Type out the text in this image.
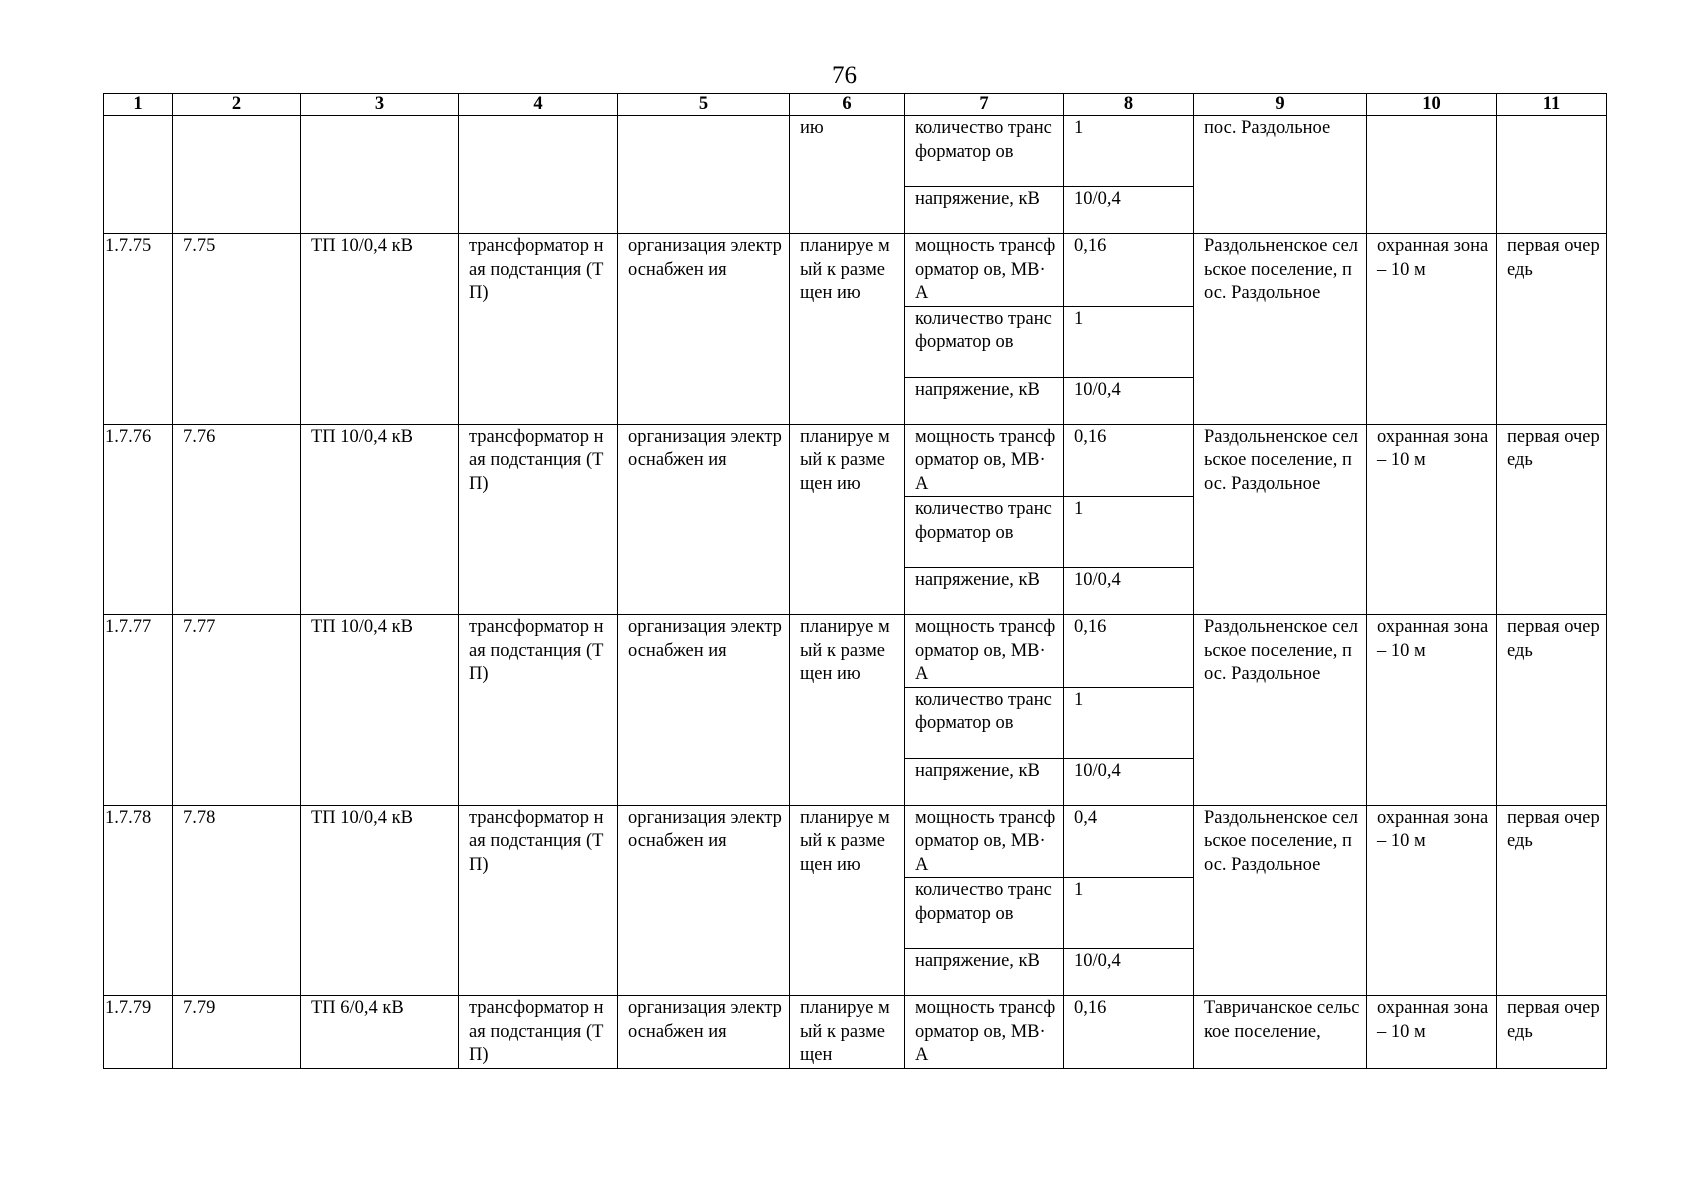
76
1	2	3	4	5	6	7	8	9	10	11
					ию	количество трансформатор ов	1	пос. Раздольное		
						напряжение, кВ	10/0,4			
1.7.75	7.75	ТП 10/0,4 кВ	трансформатор ная подстанция (ТП)	организация электроснабжен ия	планируе мый к размещен ию	мощность трансформатор ов, МВ·А	0,16	Раздольненское сельское поселение, пос. Раздольное	охранная зона – 10 м	первая очередь
						количество трансформатор ов	1			
						напряжение, кВ	10/0,4			
1.7.76	7.76	ТП 10/0,4 кВ	трансформатор ная подстанция (ТП)	организация электроснабжен ия	планируе мый к размещен ию	мощность трансформатор ов, МВ·А	0,16	Раздольненское сельское поселение, пос. Раздольное	охранная зона – 10 м	первая очередь
						количество трансформатор ов	1			
						напряжение, кВ	10/0,4			
1.7.77	7.77	ТП 10/0,4 кВ	трансформатор ная подстанция (ТП)	организация электроснабжен ия	планируе мый к размещен ию	мощность трансформатор ов, МВ·А	0,16	Раздольненское сельское поселение, пос. Раздольное	охранная зона – 10 м	первая очередь
						количество трансформатор ов	1			
						напряжение, кВ	10/0,4			
1.7.78	7.78	ТП 10/0,4 кВ	трансформатор ная подстанция (ТП)	организация электроснабжен ия	планируе мый к размещен ию	мощность трансформатор ов, МВ·А	0,4	Раздольненское сельское поселение, пос. Раздольное	охранная зона – 10 м	первая очередь
						количество трансформатор ов	1			
						напряжение, кВ	10/0,4			
1.7.79	7.79	ТП 6/0,4 кВ	трансформатор ная подстанция (ТП)	организация электроснабжен ия	планируе мый к размещен	мощность трансформатор ов, МВ·А	0,16	Тавричанское сельское поселение,	охранная зона – 10 м	первая очередь
